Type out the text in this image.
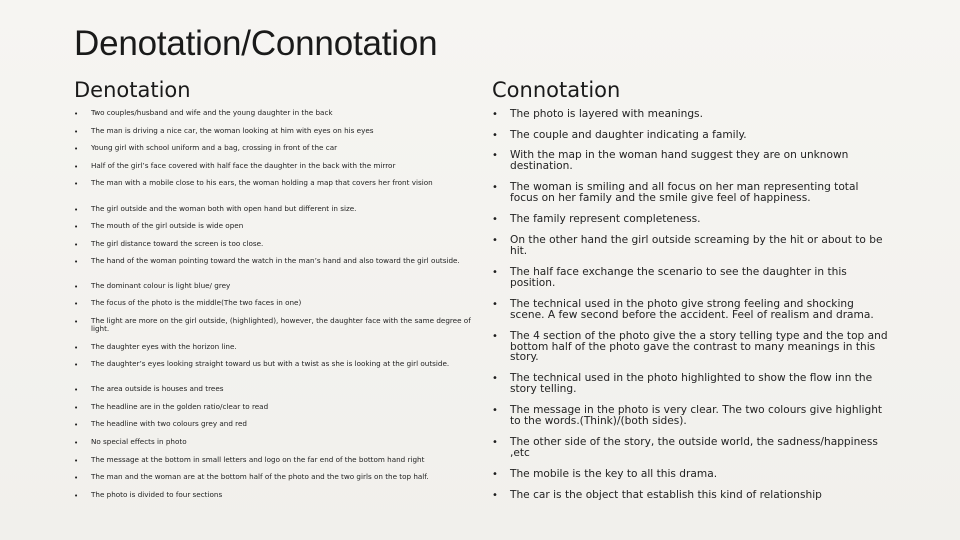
Denotation/Connotation
Denotation	Connotation
• Two couples/husband and wife and the young daughter in the back
• The man is driving a nice car, the woman looking at him with eyes on his eyes
• Young girl with school uniform and a bag, crossing in front of the car
• Half of the girl’s face covered with half face the daughter in the back with the mirror
• The man with a mobile close to his ears, the woman holding a map that covers her front vision
• The girl outside and the woman both with open hand but different in size.
• The mouth of the girl outside is wide open
• The girl distance toward the screen is too close.
• The hand of the woman pointing toward the watch in the man’s hand and also toward the girl outside.
• The dominant colour is light blue/ grey
• The focus of the photo is the middle(The two faces in one)
• The light are more on the girl outside, (highlighted), however, the daughter face with the same degree of light.
• The daughter eyes with the horizon line.
• The daughter’s eyes looking straight toward us but with a twist as she is looking at the girl outside.
• The area outside is houses and trees
• The headline are in the golden ratio/clear to read
• The headline with two colours grey and red
• No special effects in photo
• The message at the bottom in small letters and logo on the far end of the bottom hand right
• The man and the woman are at the bottom half of the photo and the two girls on the top half.
• The photo is divided to four sections
• The photo is layered with meanings.
• The couple and daughter indicating a family.
• With the map in the woman hand suggest they are on unknown destination.
• The woman is smiling and all focus on her man representing total focus on her family and the smile give feel of happiness.
• The family represent completeness.
• On the other hand the girl outside screaming by the hit or about to be hit.
• The half face exchange the scenario to see the daughter in this position.
• The technical used in the photo give strong feeling and shocking scene. A few second before the accident. Feel of realism and drama.
• The 4 section of the photo give the a story telling type and the top and bottom half of the photo gave the contrast to many meanings in this story.
• The technical used in the photo highlighted to show the flow inn the story telling.
• The message in the photo is very clear. The two colours give highlight to the words.(Think)/(both sides).
• The other side of the story, the outside world, the sadness/happiness ,etc
• The mobile is the key to all this drama.
• The car is the object that establish this kind of relationship
